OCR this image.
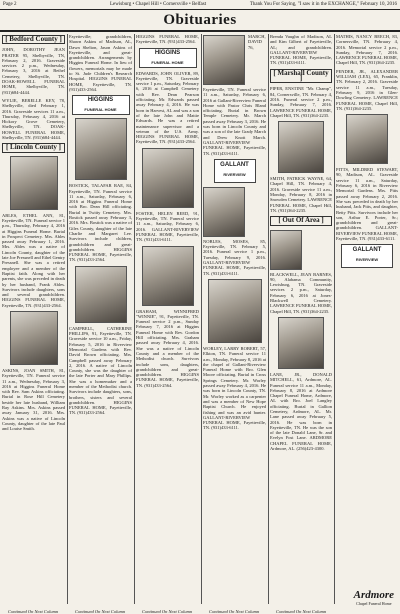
Page 2	Lewisburg • Chapel Hill • Cornersville • Belfast	Thank You For Saying, "I saw it in the EXCHANGE," February 10, 2016
Obituaries
[ Bedford County ]

JOHN, DOROTHY JEAN PRATER 95, Shelbyville, TN, February 2, 2016. Graveside services 2 p.m., Wednesday, February 3, 2016 at Bethel Cemetery, Shelbyville, TN. DOAK-HOWELL FUNERAL HOME, Shelbyville, TN. (931)684-4444.

WYLIE, BERELLE KEY, 78, Shelbyville, died February 1, 2016. Graveside services 11 a.m., Thursday, February 4, 2016 at Hickory Grove Cemetery, Shelbyville, TN. DOAK-HOWELL FUNERAL HOME, Shelbyville, TN. (931)684-4444.

[ Lincoln County ]

ABLES, ETHEL ANN, 81, Fayetteville, TN. Funeral service 1 p.m., Thursday, February 4, 2016 at Higgins Funeral Home. Burial in Prospect Cemetery. Mrs. Ables passed away February 1, 2016. Mrs. Ables was a native of Lincoln County, daughter of the late Joe Pressnell and Ethel Gentry Pressnell. She was a retired employee and a member of the Baptist faith. Along with her parents, she was preceded in death by her husband, Frank Ables. Survivors include daughters, sons and several grandchildren. HIGGINS FUNERAL HOME, Fayetteville, TN. (931)433-2564.

ASKINS, JOAN SMITH, 81, Fayetteville, TN. Funeral service 11 a.m., Wednesday, February 3, 2016 at Higgins Funeral Home with Rev. Sam Askins officiating. Burial in Rose Hill Cemetery beside her late husband, William Ray Askins. Mrs. Askins passed away January 31, 2016. Mrs. Askins was a native of Lincoln County, daughter of the late Paul and Louise Smith.

Continued On Next Column

Fayetteville; grandchildren, Shawn Askins of Madison, AL, Dawn Shelton, Jason Askins of Fayetteville, and great-grandchildren. Arrangements by Higgins Funeral Home. In lieu of flowers, memorials may be made to St. Jude Children's Research Hospital. HIGGINS FUNERAL HOME, Fayetteville, TN. (931)433-2564.

HIGGINS
FUNERAL HOME

BOSTICK, TALAFAR RAE, 84, Fayetteville, TN. Funeral service 11 a.m., Saturday, February 6, 2016 at Higgins Funeral Home with Bro. Dean Hill officiating. Burial in Twitty Cemetery. Mrs. Bostick passed away February 3, 2016. Mrs. Bostick was a native of Giles County, daughter of the late Charlie and Margaret Lee. Survivors include children, grandchildren and great-grandchildren. HIGGINS FUNERAL HOME, Fayetteville, TN. (931)433-2564.

CAMPBELL, CATHERINE PHILLIPS, 91, Fayetteville, TN. Graveside service 10 a.m., Friday, February 5, 2016 in Riverview Memorial Gardens with Rev. David Brown officiating. Mrs. Campbell passed away February 2, 2016. A native of Lincoln County, she was the daughter of the late Porter and Mary Phillips. She was a homemaker and a member of the Methodist church. Survivors include daughters, sons, brothers, sisters and several grandchildren. HIGGINS FUNERAL HOME, Fayetteville, TN. (931)433-2564.

Continued On Next Column

HIGGINS FUNERAL HOME, Fayetteville, TN. (931)433-2564.

HIGGINS
FUNERAL HOME

EDWARDS, JOHN OLIVER, 89, Fayetteville, TN. Graveside service 1 p.m., Saturday, February 6, 2016 at Campbell Cemetery with Rev. Dean Pearson officiating. Mr. Edwards passed away February 4, 2016. He was born in Harvest, AL and was a son of the late John and Mattie Edwards. He was a retired maintenance supervisor and a veteran of the U.S. Army. HIGGINS FUNERAL HOME, Fayetteville, TN. (931)433-2564.

FOSTER, HELEN REED, 91, Fayetteville, TN. Funeral service 11 a.m., Saturday, February 6, 2016. GALLANT-RIVERVIEW FUNERAL HOME, Fayetteville, TN. (931)433-6111.

GRAHAM, WINNIFRED "WINNIE", 91, Fayetteville, TN. Funeral service 2 p.m., Sunday February 7, 2016 at Higgins Funeral Home with Rev. Gordon Hill officiating. Mrs. Graham passed away February 4, 2016. She was a native of Lincoln County and a member of the Methodist church. Survivors include sons, daughters, grandchildren and great-grandchildren. HIGGINS FUNERAL HOME, Fayetteville, TN. (931)433-2564.

Continued On Next Column

MARCH, DAVID 76, Fayetteville, TN. Funeral service 11 a.m., Saturday, February 6, 2016 at Gallant-Riverview Funeral Home with Pastor Chris Bland officiating. Burial in Brown Temple Cemetery. Mr. March passed away February 3, 2016. He was born in Lincoln County and was a son of the late Grady March and Drew Knott March. GALLANT-RIVERVIEW FUNERAL HOME, Fayetteville, TN. (931)433-6111.

GALLANT
RIVERVIEW

NOBLES, MOSES, 85, Fayetteville, TN. February 5, 2016. Funeral service 1 p.m., Tuesday, February 9, 2016. GALLANT-RIVERVIEW FUNERAL HOME, Fayetteville, TN. (931)433-6111.

WORLEY, LARRY ROBERT, 57, Elkton, TN. Funeral service 11 a.m., Monday, February 8, 2016 at the chapel of Gallant-Riverview Funeral Home with Bro. Glen Moore officiating. Burial in Cross Springs Cemetery. Mr. Worley passed away February 4, 2016. He was born in Lincoln County, TN. Mr. Worley worked as a carpenter and was a member of New Hope Baptist Church. He enjoyed fishing and was an avid hunter. GALLANT-RIVERVIEW FUNERAL HOME, Fayetteville, TN. (931)433-6111.

Continued On Next Column

Brenda Vaughn of Madison, AL and Kim Gilbert of Fayetteville, AL; and grandchildren. GALLANT-RIVERVIEW FUNERAL HOME, Fayetteville, TN. (931)433-6111.

[ Marshall County ]

PIPER, ENSTINE "Mr. Champ", 84, Cornersville, TN. February 4, 2016. Funeral service 2 p.m., Sunday, February 7, 2016. LAWRENCE FUNERAL HOME, Chapel Hill, TN. (931)364-2235.

SMITH, PATRICK WAYNE, 64, Chapel Hill, TN. February 4, 2016. Graveside service 11 a.m., Monday, February 8, 2016 in Snowden Cemetery. LAWRENCE FUNERAL HOME, Chapel Hill, TN. (931)364-2235.

[ Out Of Area ]

BLACKWELL, JEAN BARNES, 90, Alabama Community, Lewisburg, TN. Graveside services 2 p.m., Saturday, February 6, 2016 at Jones-Blackwell Cemetery. LAWRENCE FUNERAL HOME, Chapel Hill, TN. (931)364-2235.

LANE, JR., DONALD MITCHELL, 61, Ardmore, AL. Funeral service 11 a.m., Monday, February 8, 2016 at Ardmore Chapel Funeral Home, Ardmore, AL with Bro. Joel Langley officiating. Burial in Gallion Cemetery, Ardmore, AL. Mr. Lane passed away February 5, 2016. He was born in Fayetteville, TN. He was the son of the late Donald Lane, Sr. and Evelyn Fost Lane. ARDMORE CHAPEL FUNERAL HOME, Ardmore, AL. (256)423-4300.

Continued On Next Column

MATHIS, NANCY BEECH, 83, Cornersville, TN. February 4, 2016. Memorial service 2 p.m., Sunday, February 7, 2016. LAWRENCE FUNERAL HOME, Chapel Hill, TN. (931)364-2235.

PENDER, JR., ALEXANDER WILLIAM (LEX), 65, Franklin, TN. February 2, 2016. Graveside service 11 a.m., Tuesday, February 9, 2016 in Glen-Dowling Cemetery. LAWRENCE FUNERAL HOME, Chapel Hill, TN. (931)364-2235.

PITTS, MILDRED STEWART, 90, Madison, AL. Graveside service 11 a.m., Saturday, February 6, 2016 in Riverview Memorial Gardens. Mrs. Pitts passed away February 2, 2016. She was preceded in death by her husband, Jack Pitts, and daughter, Betty Pitts. Survivors include her son, Arthur E. Porter, Sr.; grandchildren and great-grandchildren. GALLANT-RIVERVIEW FUNERAL HOME, Fayetteville, TN. (931)433-6111.

GALLANT
RIVERVIEW
Ardmore
Chapel Funeral Home
